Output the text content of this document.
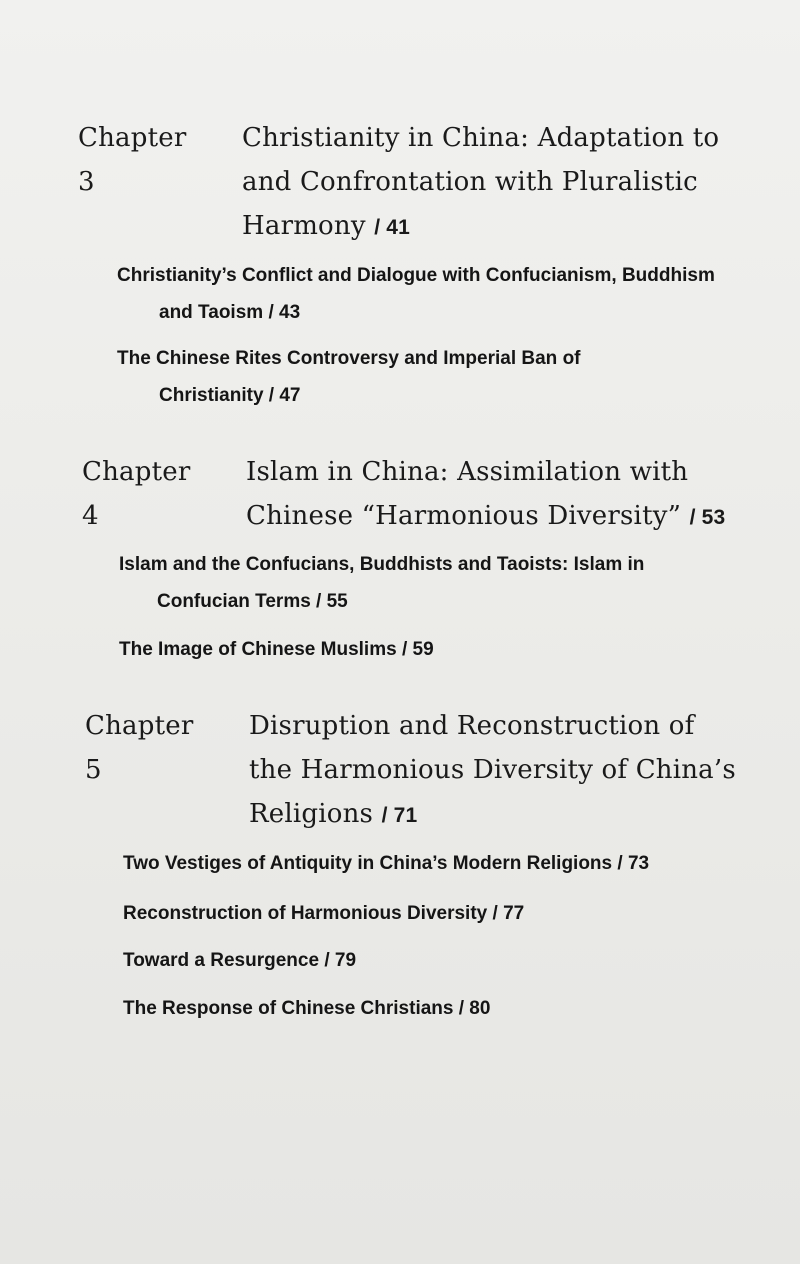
Chapter 3
Christianity in China: Adaptation to
and Confrontation with Pluralistic
Harmony / 41
Christianity’s Conflict and Dialogue with Confucianism, Buddhism
and Taoism / 43
The Chinese Rites Controversy and Imperial Ban of
Christianity / 47
Chapter 4
Islam in China: Assimilation with
Chinese “Harmonious Diversity” / 53
Islam and the Confucians, Buddhists and Taoists: Islam in
Confucian Terms / 55
The Image of Chinese Muslims / 59
Chapter 5
Disruption and Reconstruction of
the Harmonious Diversity of China’s
Religions / 71
Two Vestiges of Antiquity in China’s Modern Religions / 73
Reconstruction of Harmonious Diversity / 77
Toward a Resurgence / 79
The Response of Chinese Christians / 80
